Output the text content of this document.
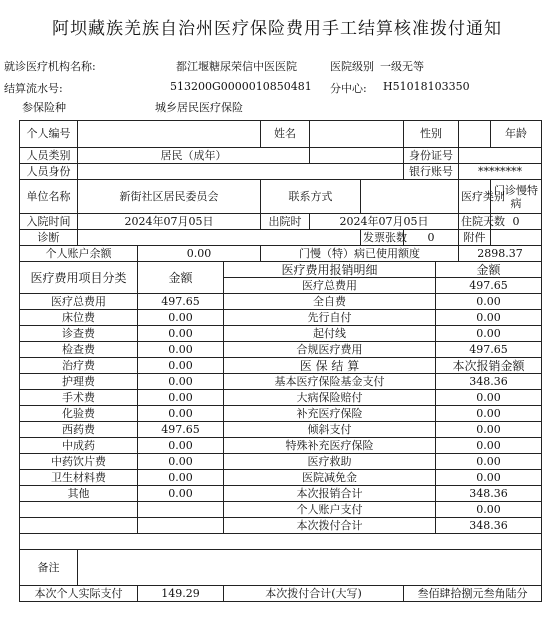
阿坝藏族羌族自治州医疗保险费用手工结算核准拨付通知
就诊医疗机构名称:	都江堰糖尿荣信中医医院	医院级别 一级无等
结算流水号:	513200G0000010850481 分中心: H51018103350
参保险种	城乡居民医疗保险
个人编号				姓名			性别			年龄
人员类别	居民（成年）						身份证号			
人员身份							银行账号		********	
单位名称	新街社区居民委员会			联系方式					医疗类别	门诊慢特病
入院时间	2024年07月05日			出院时	2024年07月05日				住院天数	0
诊断						发票张数	0		附件	
个人账户余额		0.00		门慢（特）病已使用额度					2898.37	
医疗费用项目分类		金额	医疗费用报销明细					金额		
			医疗总费用					497.65		
医疗总费用		497.65	全自费					0.00		
床位费		0.00	先行自付					0.00		
诊查费		0.00	起付线					0.00		
检查费		0.00	合规医疗费用					497.65		
治疗费		0.00	医 保 结 算					本次报销金额		
护理费		0.00	基本医疗保险基金支付					348.36		
手术费		0.00	大病保险赔付					0.00		
化验费		0.00	补充医疗保险					0.00		
西药费		497.65	倾斜支付					0.00		
中成药		0.00	特殊补充医疗保险					0.00		
中药饮片费		0.00	医疗救助					0.00		
卫生材料费		0.00	医院减免金					0.00		
其他		0.00	本次报销合计					348.36		
			个人账户支付					0.00		
			本次拨付合计					348.36		

备注										
本次个人实际支付		149.29	本次拨付合计(大写)				叁佰肆拾捌元叁角陆分			
